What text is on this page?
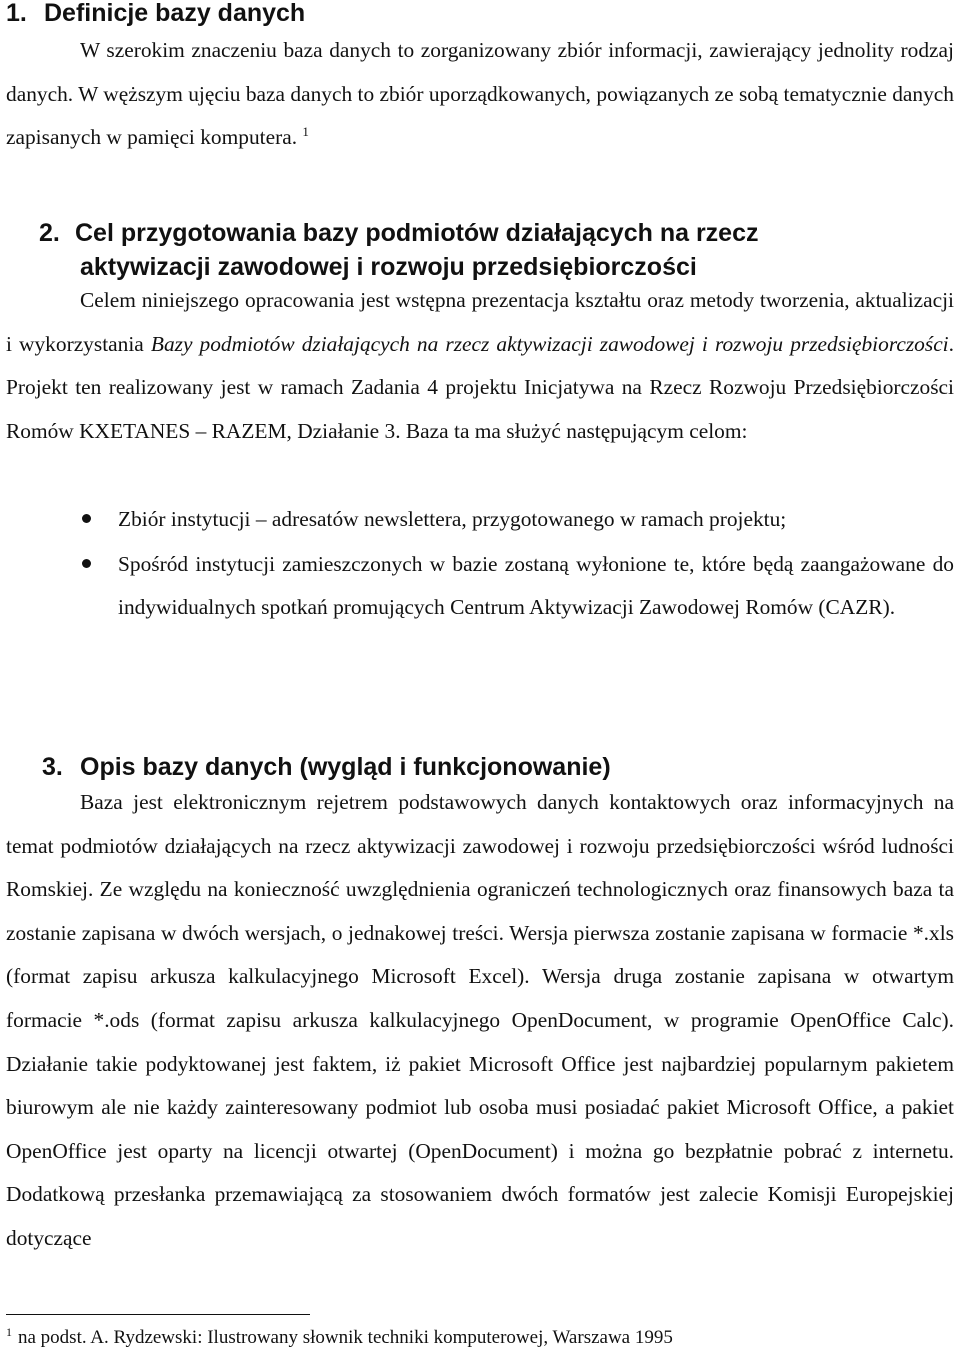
1. Definicje bazy danych

W szerokim znaczeniu baza danych to zorganizowany zbiór informacji, zawierający jednolity rodzaj danych. W węższym ujęciu baza danych to zbiór uporządkowanych, powiązanych ze sobą tematycznie danych zapisanych w pamięci komputera. $^1$

2. Cel przygotowania bazy podmiotów działających na rzecz
aktywizacji zawodowej i rozwoju przedsiębiorczości

Celem niniejszego opracowania jest wstępna prezentacja kształtu oraz metody tworzenia, aktualizacji i wykorzystania Bazy podmiotów działających na rzecz aktywizacji zawodowej i rozwoju przedsiębiorczości. Projekt ten realizowany jest w ramach Zadania 4 projektu Inicjatywa na Rzecz Rozwoju Przedsiębiorczości Romów KXETANES – RAZEM, Działanie 3. Baza ta ma służyć następującym celom:

Zbiór instytucji – adresatów newslettera, przygotowanego w ramach projektu;
Spośród instytucji zamieszczonych w bazie zostaną wyłonione te, które będą zaangażowane do indywidualnych spotkań promujących Centrum Aktywizacji Zawodowej Romów (CAZR).
3. Opis bazy danych (wygląd i funkcjonowanie)

Baza jest elektronicznym rejetrem podstawowych danych kontaktowych oraz informacyjnych na temat podmiotów działających na rzecz aktywizacji zawodowej i rozwoju przedsiębiorczości wśród ludności Romskiej. Ze względu na konieczność uwzględnienia ograniczeń technologicznych oraz finansowych baza ta zostanie zapisana w dwóch wersjach, o jednakowej treści. Wersja pierwsza zostanie zapisana w formacie *.xls (format zapisu arkusza kalkulacyjnego Microsoft Excel). Wersja druga zostanie zapisana w otwartym formacie *.ods (format zapisu arkusza kalkulacyjnego OpenDocument, w programie OpenOffice Calc). Działanie takie podyktowanej jest faktem, iż pakiet Microsoft Office jest najbardziej popularnym pakietem biurowym ale nie każdy zainteresowany podmiot lub osoba musi posiadać pakiet Microsoft Office, a pakiet OpenOffice jest oparty na licencji otwartej (OpenDocument) i można go bezpłatnie pobrać z internetu. Dodatkową przesłanka przemawiającą za stosowaniem dwóch formatów jest zalecie Komisji Europejskiej dotyczące

$^1$ na podst. A. Rydzewski: Ilustrowany słownik techniki komputerowej, Warszawa 1995
